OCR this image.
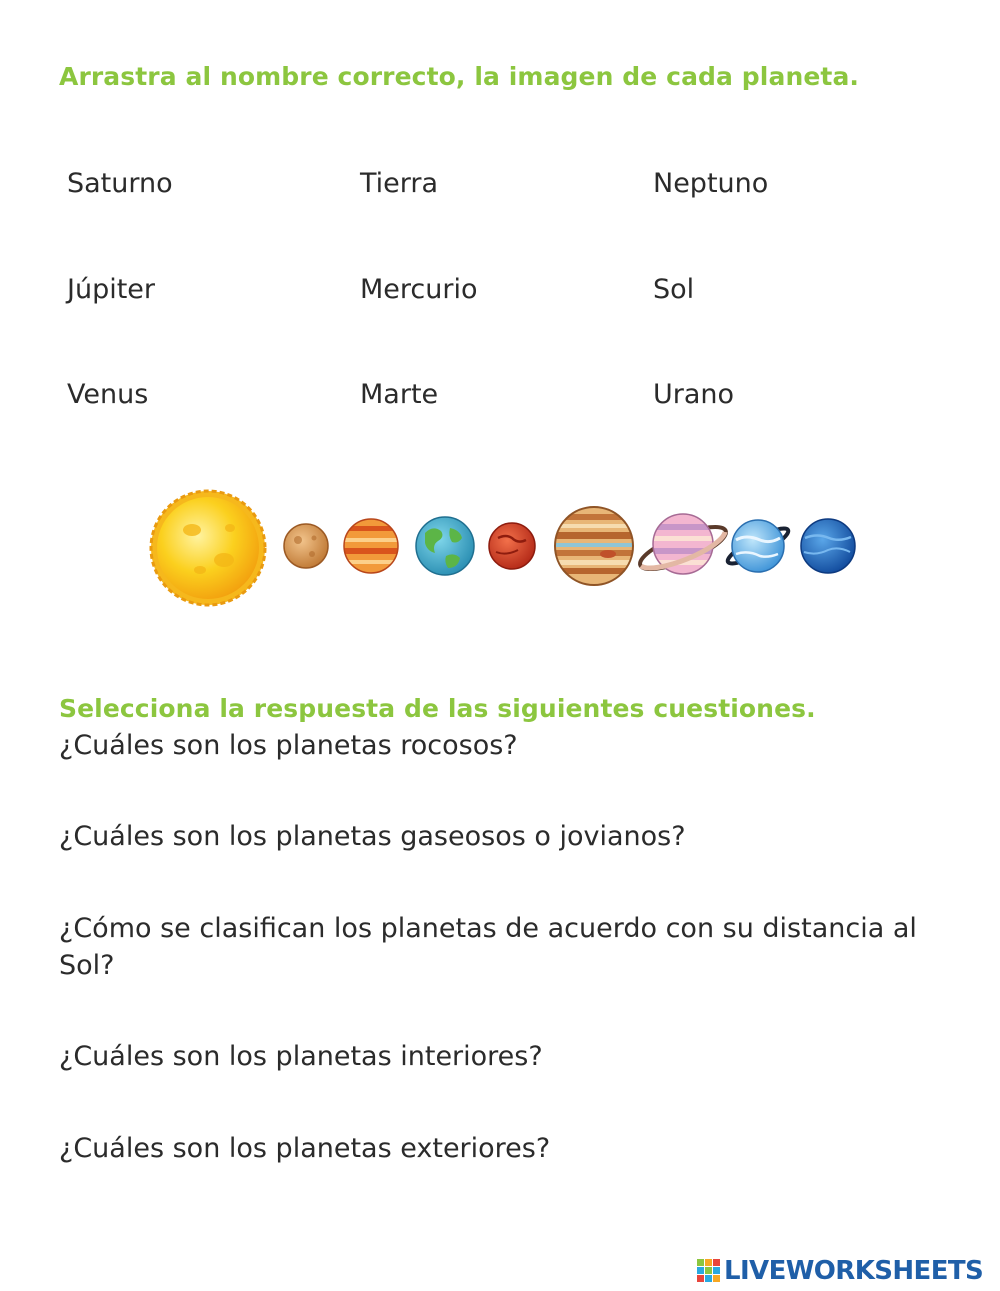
Arrastra al nombre correcto, la imagen de cada planeta.
Saturno	Tierra	Neptuno
Júpiter	Mercurio	Sol
Venus	Marte	Urano
Selecciona la respuesta de las siguientes cuestiones.
¿Cuáles son los planetas rocosos?
¿Cuáles son los planetas gaseosos o jovianos?
¿Cómo se clasifican los planetas de acuerdo con su distancia al Sol?
¿Cuáles son los planetas interiores?
¿Cuáles son los planetas exteriores?
LIVEWORKSHEETS
